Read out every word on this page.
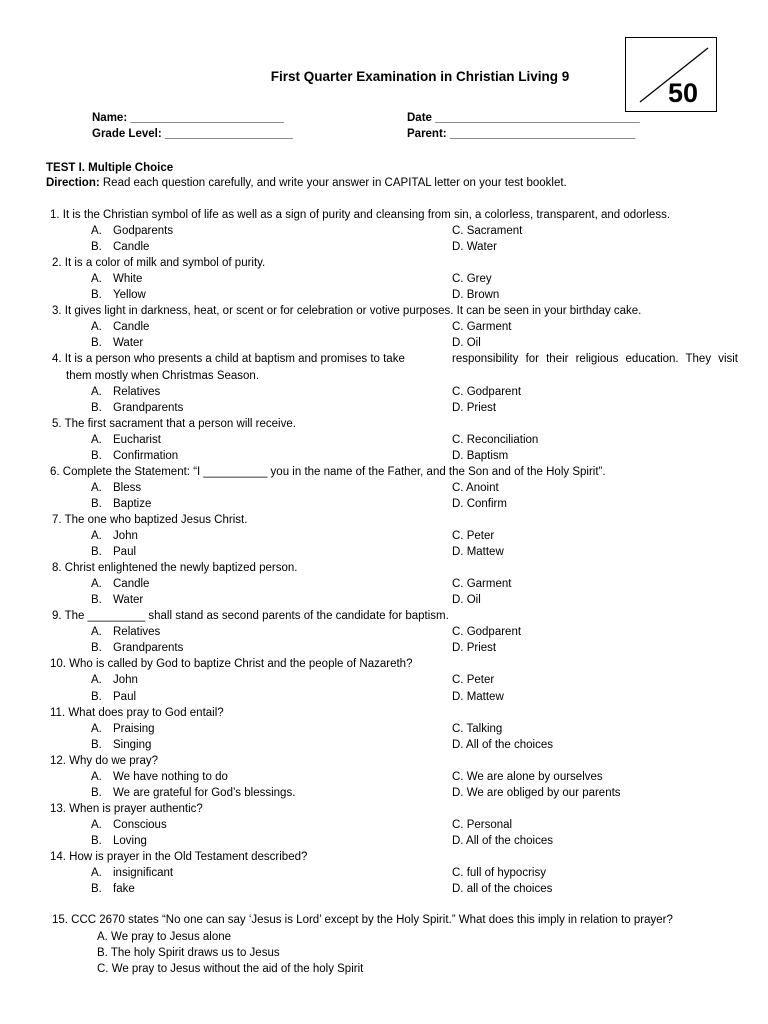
First Quarter Examination in Christian Living 9
50
Name: ________________________
Grade Level: ____________________
Date ________________________________
Parent: _____________________________
TEST I. Multiple Choice
Direction: Read each question carefully, and write your answer in CAPITAL letter on your test booklet.
1. It is the Christian symbol of life as well as a sign of purity and cleansing from sin, a colorless, transparent, and odorless.
A. Godparents	C. Sacrament
B. Candle	D. Water
2. It is a color of milk and symbol of purity.
A. White	C. Grey
B. Yellow	D. Brown
3. It gives light in darkness, heat, or scent or for celebration or votive purposes. It can be seen in your birthday cake.
A. Candle	C. Garment
B. Water	D. Oil
4. It is a person who presents a child at baptism and promises to take	responsibility for their religious education. They visit
them mostly when Christmas Season.
A. Relatives	C. Godparent
B. Grandparents	D. Priest
5. The first sacrament that a person will receive.
A. Eucharist	C. Reconciliation
B. Confirmation	D. Baptism
6. Complete the Statement: “I __________ you in the name of the Father, and the Son and of the Holy Spirit”.
A. Bless	C. Anoint
B. Baptize	D. Confirm
7. The one who baptized Jesus Christ.
A. John	C. Peter
B. Paul	D. Mattew
8. Christ enlightened the newly baptized person.
A. Candle	C. Garment
B. Water	D. Oil
9. The _________ shall stand as second parents of the candidate for baptism.
A. Relatives	C. Godparent
B. Grandparents	D. Priest
10. Who is called by God to baptize Christ and the people of Nazareth?
A. John	C. Peter
B. Paul	D. Mattew
11. What does pray to God entail?
A. Praising	C. Talking
B. Singing	D. All of the choices
12. Why do we pray?
A. We have nothing to do	C. We are alone by ourselves
B. We are grateful for God’s blessings.	D. We are obliged by our parents
13. When is prayer authentic?
A. Conscious	C. Personal
B. Loving	D. All of the choices
14. How is prayer in the Old Testament described?
A. insignificant	C. full of hypocrisy
B. fake	D. all of the choices
15. CCC 2670 states “No one can say ‘Jesus is Lord’ except by the Holy Spirit.” What does this imply in relation to prayer?
A. We pray to Jesus alone
B. The holy Spirit draws us to Jesus
C. We pray to Jesus without the aid of the holy Spirit
